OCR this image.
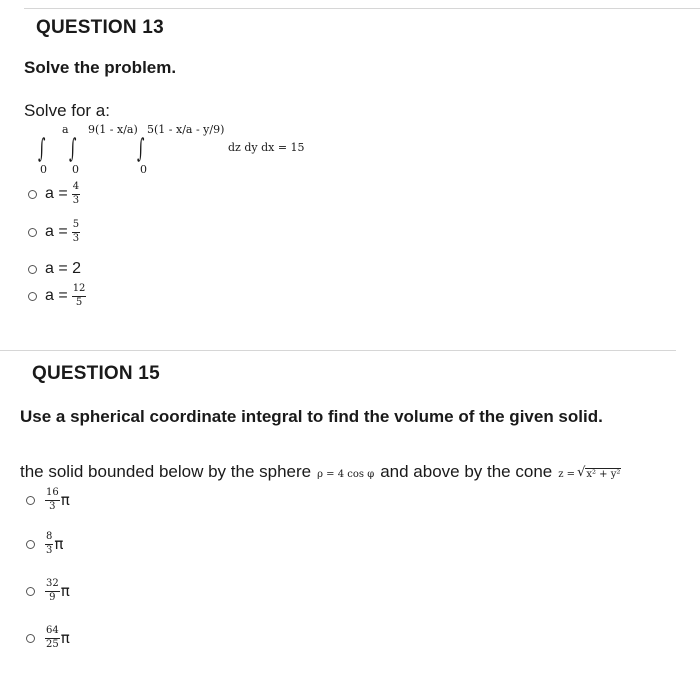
QUESTION 13
Solve the problem.
Solve for a:
∫
a
0
∫
9(1 - x/a)
0
∫
5(1 - x/a - y/9)
0
dz dy dx = 15
$a = \frac{4}{3}$
$a = \frac{5}{3}$
a = 2
$a = \frac{12}{5}$
QUESTION 15
Use a spherical coordinate integral to find the volume of the given solid.
the solid bounded below by the sphere ρ = 4 cos φ and above by the cone z = √ x² + y²
$\frac{16}{3}$ π
$\frac{8}{3}$ π
$\frac{32}{9}$ π
$\frac{64}{25}$ π
